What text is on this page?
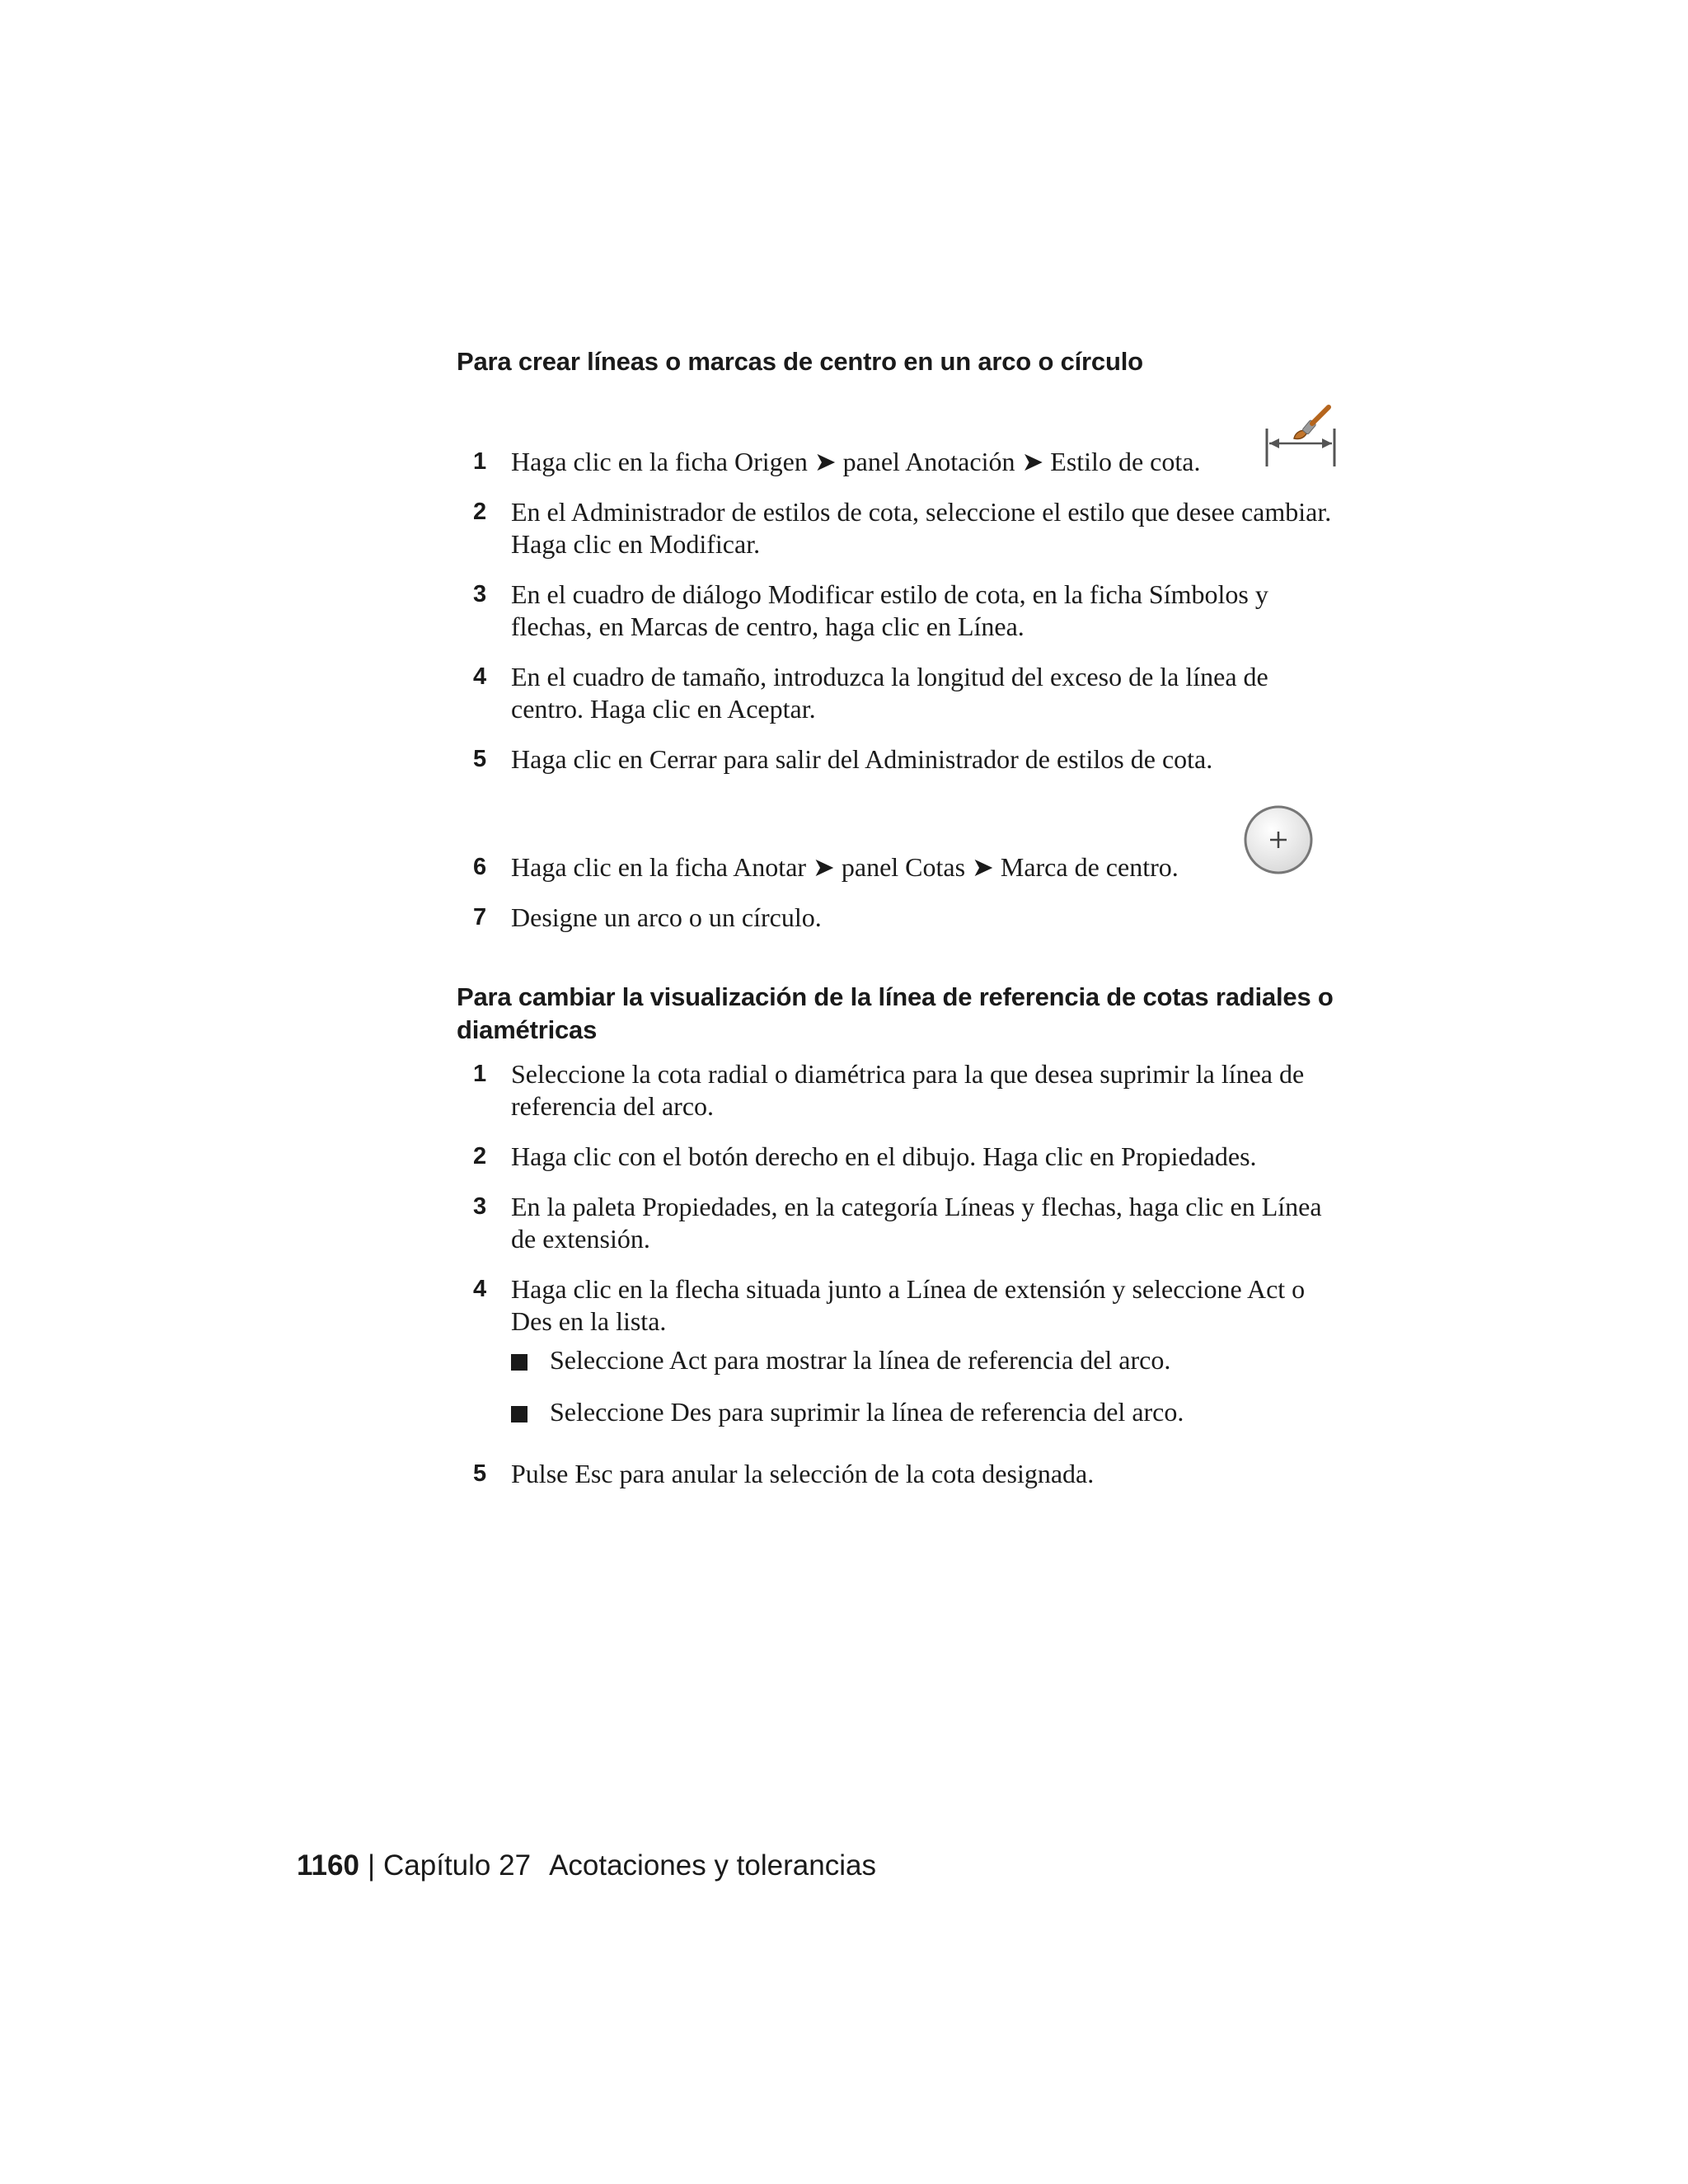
Para crear líneas o marcas de centro en un arco o círculo
1 Haga clic en la ficha Origen ➤ panel Anotación ➤ Estilo de cota.
2 En el Administrador de estilos de cota, seleccione el estilo que desee cambiar. Haga clic en Modificar.
3 En el cuadro de diálogo Modificar estilo de cota, en la ficha Símbolos y flechas, en Marcas de centro, haga clic en Línea.
4 En el cuadro de tamaño, introduzca la longitud del exceso de la línea de centro. Haga clic en Aceptar.
5 Haga clic en Cerrar para salir del Administrador de estilos de cota.
6 Haga clic en la ficha Anotar ➤ panel Cotas ➤ Marca de centro.
7 Designe un arco o un círculo.
Para cambiar la visualización de la línea de referencia de cotas radiales o diamétricas
1 Seleccione la cota radial o diamétrica para la que desea suprimir la línea de referencia del arco.
2 Haga clic con el botón derecho en el dibujo. Haga clic en Propiedades.
3 En la paleta Propiedades, en la categoría Líneas y flechas, haga clic en Línea de extensión.
4 Haga clic en la flecha situada junto a Línea de extensión y seleccione Act o Des en la lista.
Seleccione Act para mostrar la línea de referencia del arco.
Seleccione Des para suprimir la línea de referencia del arco.
5 Pulse Esc para anular la selección de la cota designada.
1160 | Capítulo 27 Acotaciones y tolerancias
